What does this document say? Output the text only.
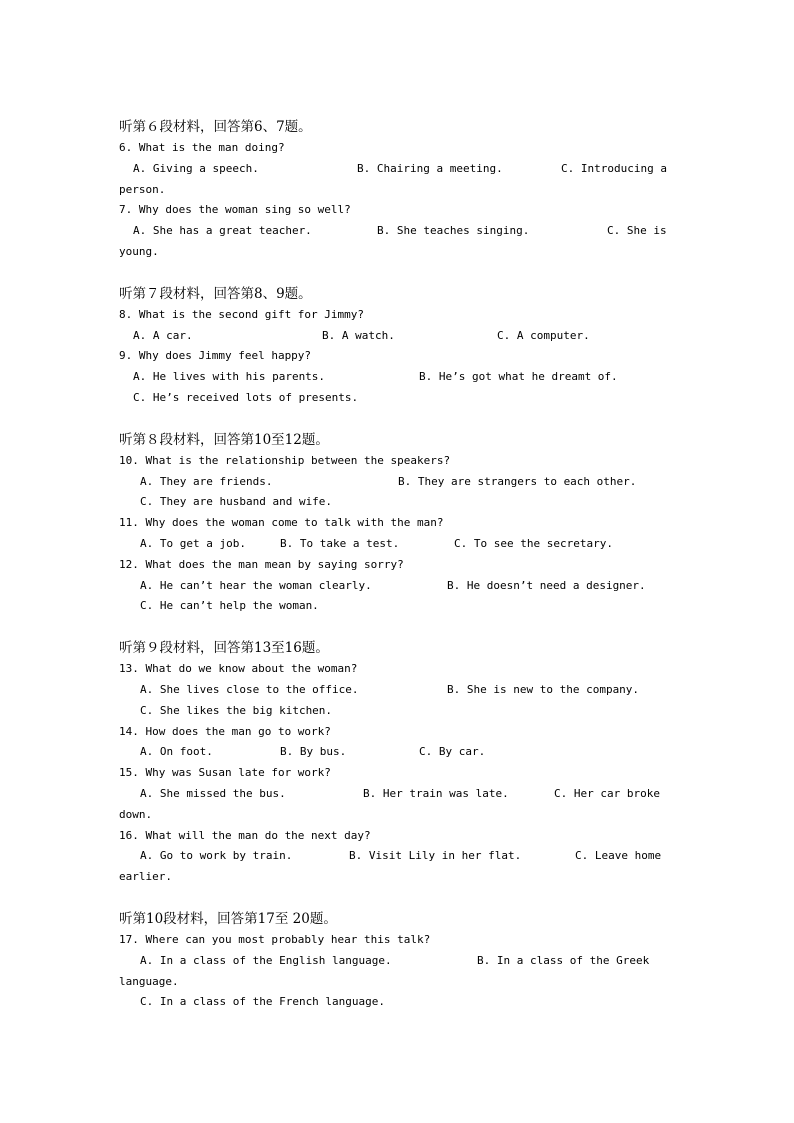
听第６段材料，回答第6、7题。
6. What is the man doing?
A. Giving a speech.	B. Chairing a meeting.	C. Introducing a
person.
7. Why does the woman sing so well?
A. She has a great teacher.	B. She teaches singing.	C. She is
young.
听第７段材料，回答第8、9题。
8. What is the second gift for Jimmy?
A. A car.	B. A watch.	C. A computer.
9. Why does Jimmy feel happy?
A. He lives with his parents.	B. He’s got what he dreamt of.
C. He’s received lots of presents.
听第８段材料，回答第10至12题。
10. What is the relationship between the speakers?
A. They are friends.	B. They are strangers to each other.
C. They are husband and wife.
11. Why does the woman come to talk with the man?
A. To get a job.	B. To take a test.	C. To see the secretary.
12. What does the man mean by saying sorry?
A. He can’t hear the woman clearly.	B. He doesn’t need a designer.
C. He can’t help the woman.
听第９段材料，回答第13至16题。
13. What do we know about the woman?
A. She lives close to the office.	B. She is new to the company.
C. She likes the big kitchen.
14. How does the man go to work?
A. On foot.	B. By bus.	C. By car.
15. Why was Susan late for work?
A. She missed the bus.	B. Her train was late.	C. Her car broke
down.
16. What will the man do the next day?
A. Go to work by train.	B. Visit Lily in her flat.	C. Leave home
earlier.
听第10段材料，回答第17至 20题。
17. Where can you most probably hear this talk?
A. In a class of the English language.	B. In a class of the Greek
language.
C. In a class of the French language.
